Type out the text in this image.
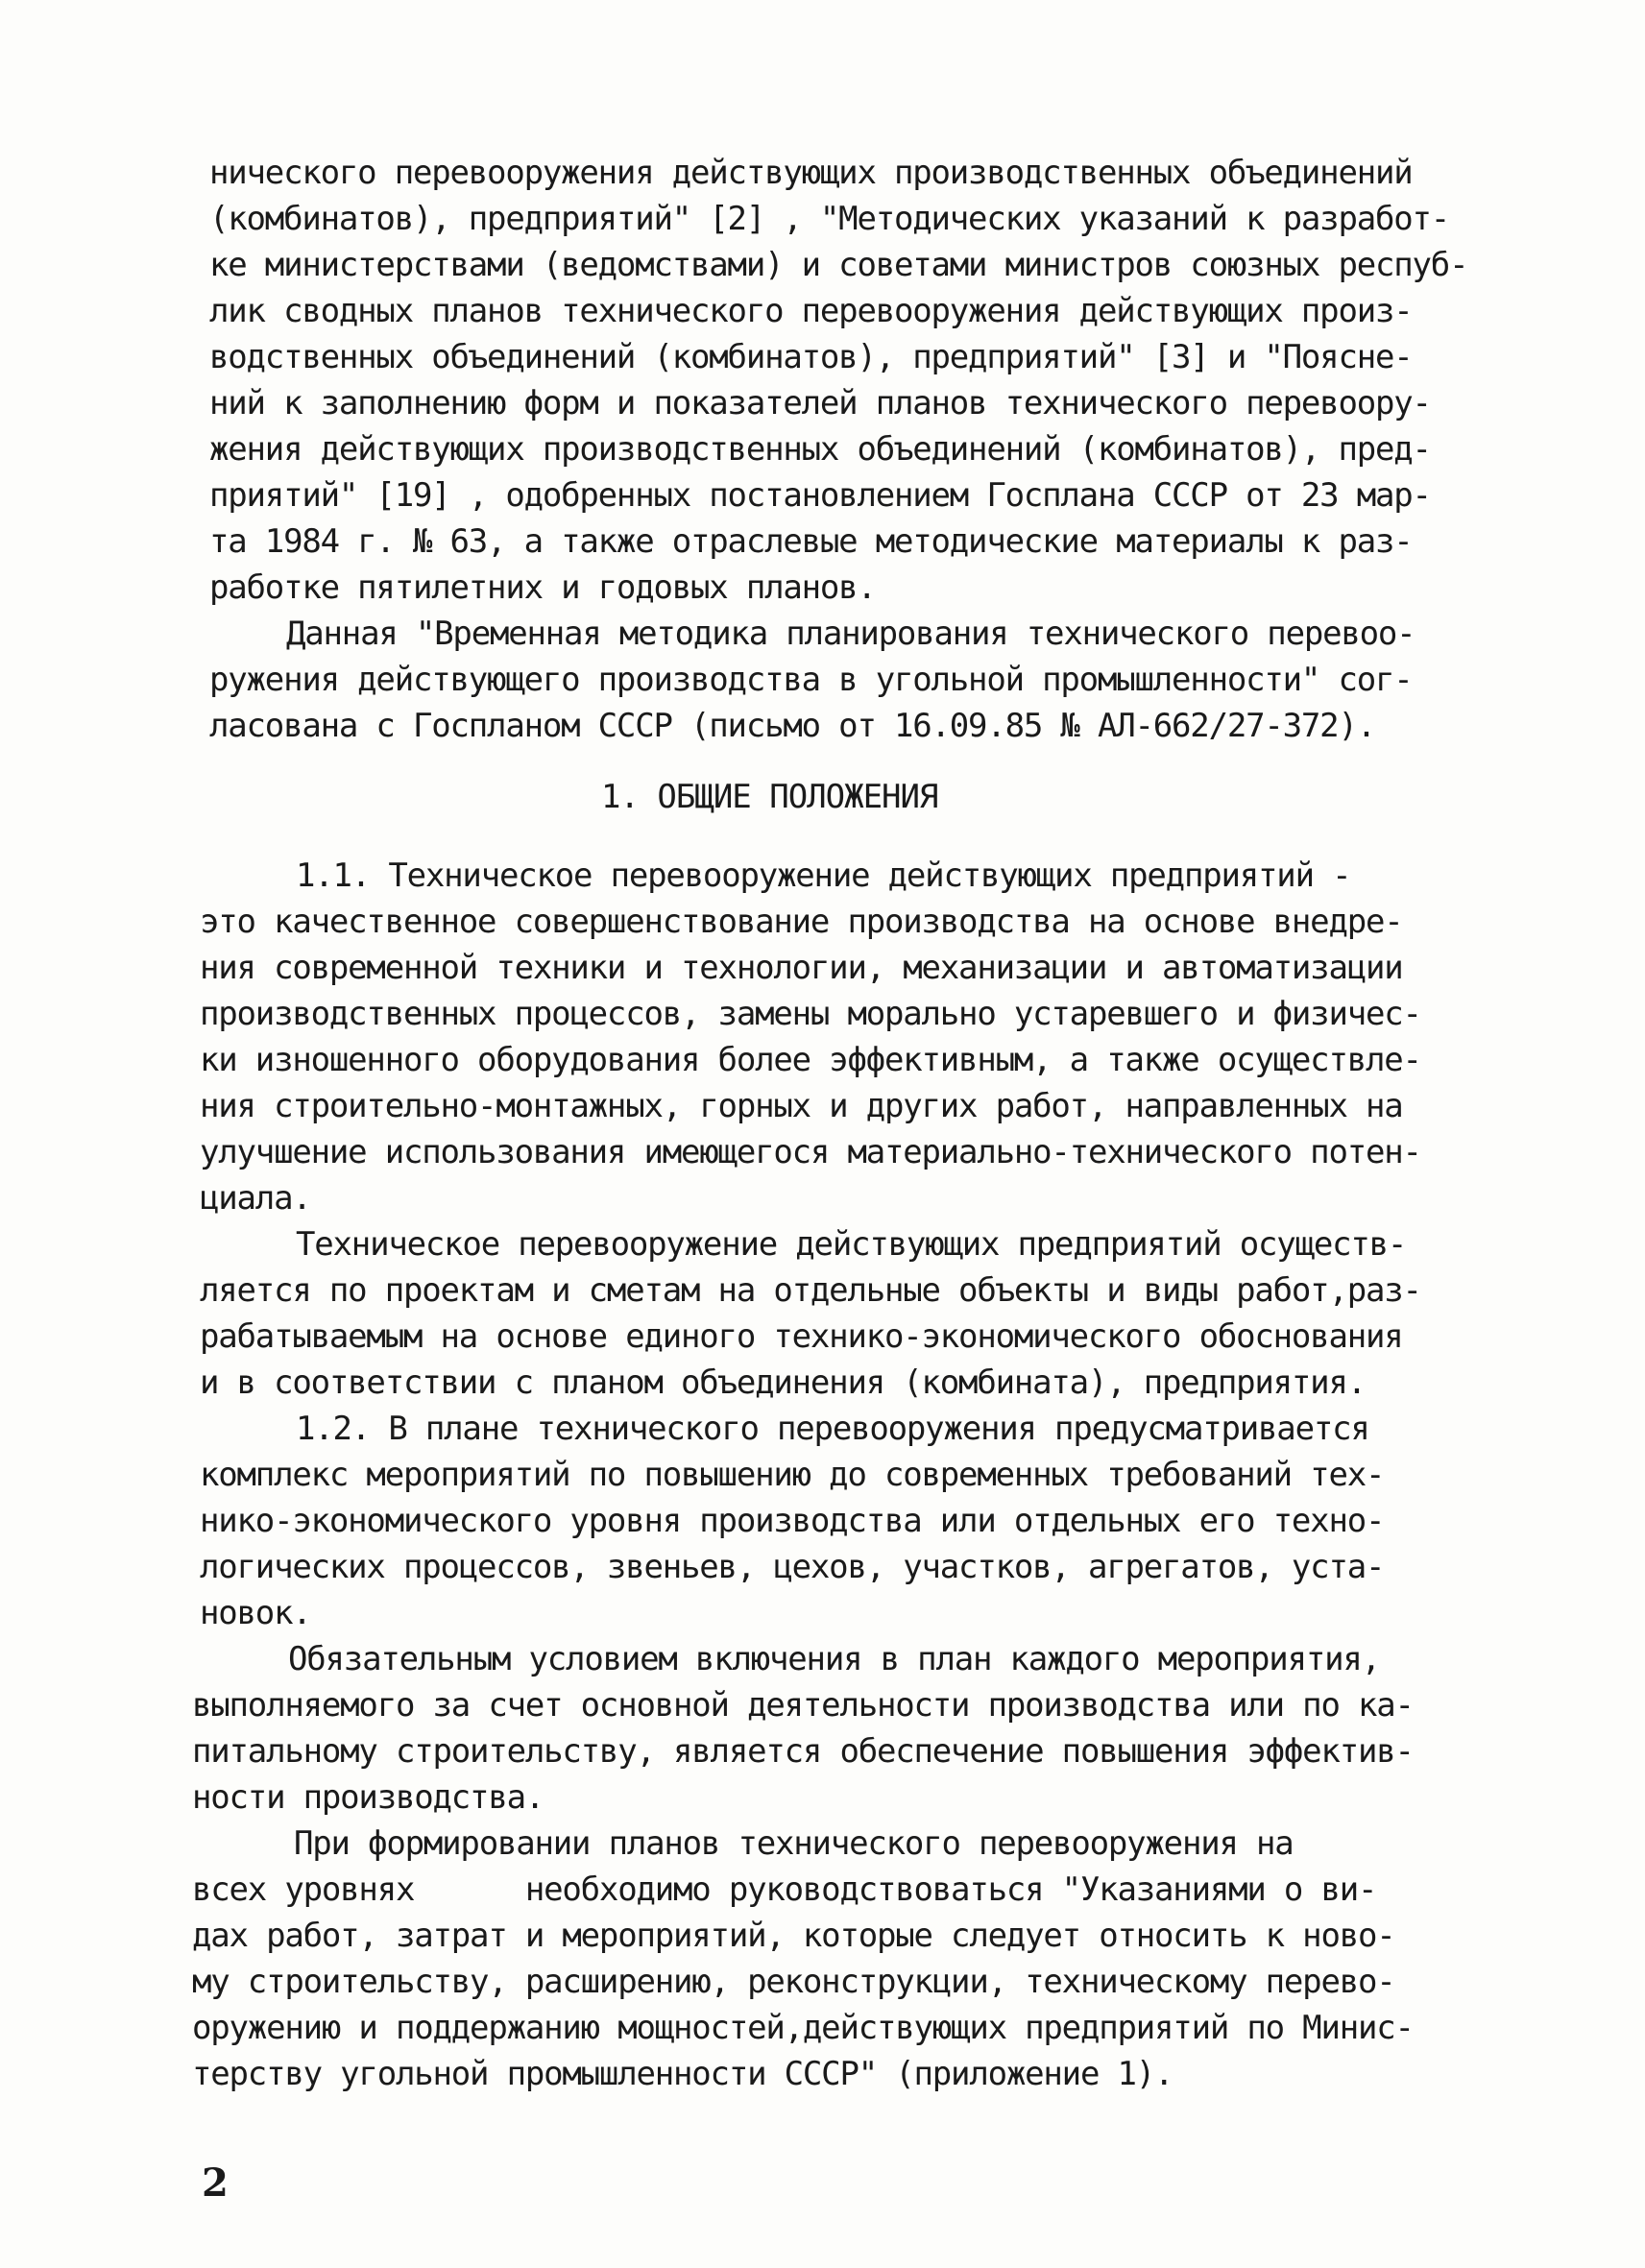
нического перевооружения действующих производственных объединений
(комбинатов), предприятий" [2] , "Методических указаний к разработ-
ке министерствами (ведомствами) и советами министров союзных респуб-
лик сводных планов технического перевооружения действующих произ-
водственных объединений (комбинатов), предприятий" [3] и "Поясне-
ний к заполнению форм и показателей планов технического перевоору-
жения действующих производственных объединений (комбинатов), пред-
приятий" [19] , одобренных постановлением Госплана СССР от 23 мар-
та 1984 г. № 63, а также отраслевые методические материалы к раз-
работке пятилетних и годовых планов.
Данная "Временная методика планирования технического перевоо-
ружения действующего производства в угольной промышленности" сог-
ласована с Госпланом СССР (письмо от 16.09.85 № АЛ-662/27-372).
1. ОБЩИЕ ПОЛОЖЕНИЯ
1.1. Техническое перевооружение действующих предприятий -
это качественное совершенствование производства на основе внедре-
ния современной техники и технологии, механизации и автоматизации
производственных процессов, замены морально устаревшего и физичес-
ки изношенного оборудования более эффективным, а также осуществле-
ния строительно-монтажных, горных и других работ, направленных на
улучшение использования имеющегося материально-технического потен-
циала.
Техническое перевооружение действующих предприятий осуществ-
ляется по проектам и сметам на отдельные объекты и виды работ,раз-
рабатываемым на основе единого технико-экономического обоснования
и в соответствии с планом объединения (комбината), предприятия.
1.2. В плане технического перевооружения предусматривается
комплекс мероприятий по повышению до современных требований тех-
нико-экономического уровня производства или отдельных его техно-
логических процессов, звеньев, цехов, участков, агрегатов, уста-
новок.
Обязательным условием включения в план каждого мероприятия,
выполняемого за счет основной деятельности производства или по ка-
питальному строительству, является обеспечение повышения эффектив-
ности производства.
При формировании планов технического перевооружения на
всех уровнях      необходимо руководствоваться "Указаниями о ви-
дах работ, затрат и мероприятий, которые следует относить к ново-
му строительству, расширению, реконструкции, техническому перево-
оружению и поддержанию мощностей,действующих предприятий по Минис-
терству угольной промышленности СССР" (приложение 1).
2
